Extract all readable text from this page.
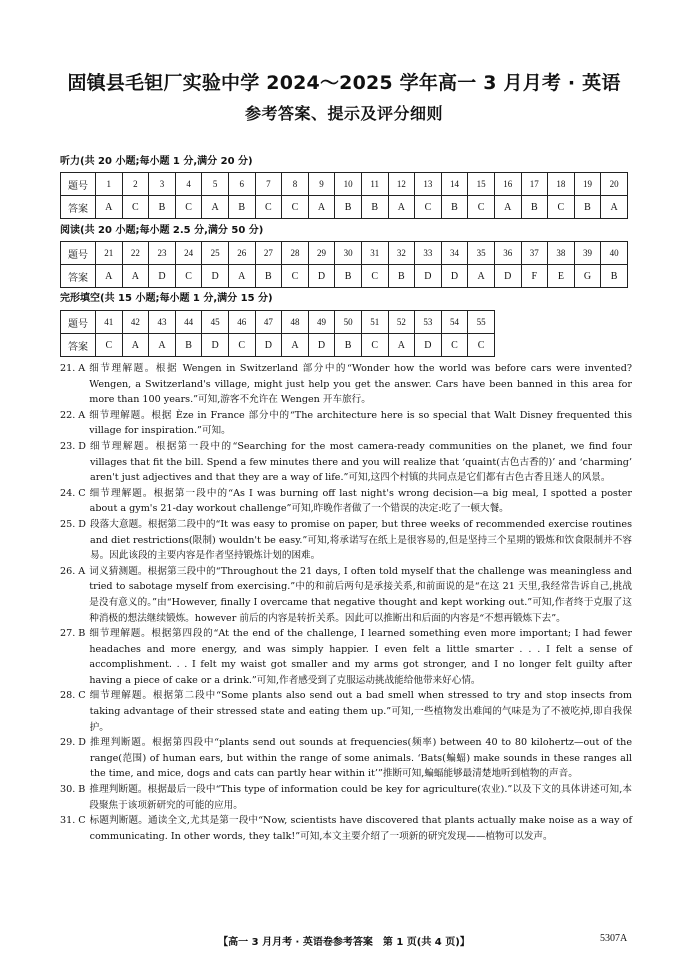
固镇县毛钽厂实验中学 2024～2025 学年高一 3 月月考 · 英语
参考答案、提示及评分细则
听力(共 20 小题;每小题 1 分,满分 20 分)
题号	1	2	3	4	5	6	7	8	9	10	11	12	13	14	15	16	17	18	19	20
答案	A	C	B	C	A	B	C	C	A	B	B	A	C	B	C	A	B	C	B	A
阅读(共 20 小题;每小题 2.5 分,满分 50 分)
题号	21	22	23	24	25	26	27	28	29	30	31	32	33	34	35	36	37	38	39	40
答案	A	A	D	C	D	A	B	C	D	B	C	B	D	D	A	D	F	E	G	B
完形填空(共 15 小题;每小题 1 分,满分 15 分)
题号	41	42	43	44	45	46	47	48	49	50	51	52	53	54	55
答案	C	A	A	B	D	C	D	A	D	B	C	A	D	C	C
21. A 细节理解题。根据 Wengen in Switzerland 部分中的“Wonder how the world was before cars were invented? Wengen, a Switzerland's village, might just help you get the answer. Cars have been banned in this area for more than 100 years.”可知,游客不允许在 Wengen 开车旅行。
22. A 细节理解题。根据 Èze in France 部分中的“The architecture here is so special that Walt Disney frequented this village for inspiration.”可知。
23. D 细节理解题。根据第一段中的“Searching for the most camera-ready communities on the planet, we find four villages that fit the bill. Spend a few minutes there and you will realize that ‘quaint(古色古香的)’ and ‘charming’ aren't just adjectives and that they are a way of life.”可知,这四个村镇的共同点是它们都有古色古香且迷人的风景。
24. C 细节理解题。根据第一段中的“As I was burning off last night's wrong decision—a big meal, I spotted a poster about a gym's 21-day workout challenge”可知,昨晚作者做了一个错误的决定:吃了一顿大餐。
25. D 段落大意题。根据第二段中的“It was easy to promise on paper, but three weeks of recommended exercise routines and diet restrictions(限制) wouldn't be easy.”可知,将承诺写在纸上是很容易的,但是坚持三个星期的锻炼和饮食限制并不容易。因此该段的主要内容是作者坚持锻炼计划的困难。
26. A 词义猜测题。根据第三段中的“Throughout the 21 days, I often told myself that the challenge was meaningless and tried to sabotage myself from exercising.”中的和前后两句是承接关系,和前面说的是“在这 21 天里,我经常告诉自己,挑战是没有意义的。”由“However, finally I overcame that negative thought and kept working out.”可知,作者终于克服了这种消极的想法继续锻炼。however 前后的内容是转折关系。因此可以推断出和后面的内容是“不想再锻炼下去”。
27. B 细节理解题。根据第四段的“At the end of the challenge, I learned something even more important; I had fewer headaches and more energy, and was simply happier. I even felt a little smarter . . . I felt a sense of accomplishment. . . I felt my waist got smaller and my arms got stronger, and I no longer felt guilty after having a piece of cake or a drink.”可知,作者感受到了克服运动挑战能给他带来好心情。
28. C 细节理解题。根据第二段中“Some plants also send out a bad smell when stressed to try and stop insects from taking advantage of their stressed state and eating them up.”可知,一些植物发出难闻的气味是为了不被吃掉,即自我保护。
29. D 推理判断题。根据第四段中“plants send out sounds at frequencies(频率) between 40 to 80 kilohertz—out of the range(范围) of human ears, but within the range of some animals. ‘Bats(蝙蝠) make sounds in these ranges all the time, and mice, dogs and cats can partly hear within it’”推断可知,蝙蝠能够最清楚地听到植物的声音。
30. B 推理判断题。根据最后一段中“This type of information could be key for agriculture(农业).”以及下文的具体讲述可知,本段聚焦于该项新研究的可能的应用。
31. C 标题判断题。通读全文,尤其是第一段中“Now, scientists have discovered that plants actually make noise as a way of communicating. In other words, they talk!”可知,本文主要介绍了一项新的研究发现——植物可以发声。
【高一 3 月月考 · 英语卷参考答案　第 1 页(共 4 页)】	5307A
